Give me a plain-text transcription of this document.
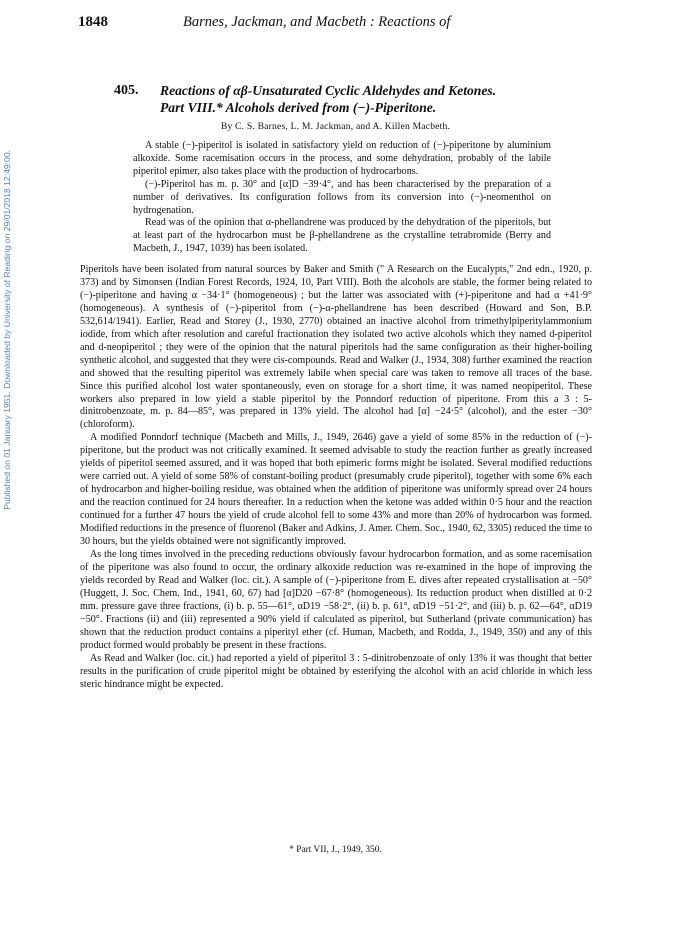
Published on 01 January 1951. Downloaded by University of Reading on 29/01/2018 12:49:00.
1848	Barnes, Jackman, and Macbeth : Reactions of
405. Reactions of αβ-Unsaturated Cyclic Aldehydes and Ketones.
Part VIII.* Alcohols derived from (−)-Piperitone.
By C. S. Barnes, L. M. Jackman, and A. Killen Macbeth.

A stable (−)-piperitol is isolated in satisfactory yield on reduction of (−)-piperitone by aluminium alkoxide. Some racemisation occurs in the process, and some dehydration, probably of the labile piperitol epimer, also takes place with the production of hydrocarbons.

(−)-Piperitol has m. p. 30° and [α]D −39·4°, and has been characterised by the preparation of a number of derivatives. Its configuration follows from its conversion into (−)-neomenthol on hydrogenation.

Read was of the opinion that α-phellandrene was produced by the dehydration of the piperitols, but at least part of the hydrocarbon must be β-phellandrene as the crystalline tetrabromide (Berry and Macbeth, J., 1947, 1039) has been isolated.

Piperitols have been isolated from natural sources by Baker and Smith (" A Research on the Eucalypts," 2nd edn., 1920, p. 373) and by Simonsen (Indian Forest Records, 1924, 10, Part VIII). Both the alcohols are stable, the former being related to (−)-piperitone and having α −34·1° (homogeneous) ; but the latter was associated with (+)-piperitone and had α +41·9° (homogeneous). A synthesis of (−)-piperitol from (−)-α-phellandrene has been described (Howard and Son, B.P. 532,614/1941). Earlier, Read and Storey (J., 1930, 2770) obtained an inactive alcohol from trimethylpiperitylammonium iodide, from which after resolution and careful fractionation they isolated two active alcohols which they named d-piperitol and d-neopiperitol ; they were of the opinion that the natural piperitols had the same configuration as their higher-boiling synthetic alcohol, and suggested that they were cis-compounds. Read and Walker (J., 1934, 308) further examined the reaction and showed that the resulting piperitol was extremely labile when special care was taken to remove all traces of the base. Since this purified alcohol lost water spontaneously, even on storage for a short time, it was named neopiperitol. These workers also prepared in low yield a stable piperitol by the Ponndorf reduction of piperitone. From this a 3 : 5-dinitrobenzoate, m. p. 84—85°, was prepared in 13% yield. The alcohol had [α] −24·5° (alcohol), and the ester −30° (chloroform).

A modified Ponndorf technique (Macbeth and Mills, J., 1949, 2646) gave a yield of some 85% in the reduction of (−)-piperitone, but the product was not critically examined. It seemed advisable to study the reaction further as greatly increased yields of piperitol seemed assured, and it was hoped that both epimeric forms might be isolated. Several modified reductions were carried out. A yield of some 58% of constant-boiling product (presumably crude piperitol), together with some 6% each of hydrocarbon and higher-boiling residue, was obtained when the addition of piperitone was uniformly spread over 24 hours and the reaction continued for 24 hours thereafter. In a reduction when the ketone was added within 0·5 hour and the reaction continued for a further 47 hours the yield of crude alcohol fell to some 43% and more than 20% of hydrocarbon was formed. Modified reductions in the presence of fluorenol (Baker and Adkins, J. Amer. Chem. Soc., 1940, 62, 3305) reduced the time to 30 hours, but the yields obtained were not significantly improved.

As the long times involved in the preceding reductions obviously favour hydrocarbon formation, and as some racemisation of the piperitone was also found to occur, the ordinary alkoxide reduction was re-examined in the hope of improving the yields recorded by Read and Walker (loc. cit.). A sample of (−)-piperitone from E. dives after repeated crystallisation at −50° (Huggett, J. Soc. Chem. Ind., 1941, 60, 67) had [α]D20 −67·8° (homogeneous). Its reduction product when distilled at 0·2 mm. pressure gave three fractions, (i) b. p. 55—61°, αD19 −58·2°, (ii) b. p. 61°, αD19 −51·2°, and (iii) b. p. 62—64°, αD19 −50°. Fractions (ii) and (iii) represented a 90% yield if calculated as piperitol, but Sutherland (private communication) has shown that the reduction product contains a piperityl ether (cf. Human, Macbeth, and Rodda, J., 1949, 350) and any of this product formed would probably be present in these fractions.

As Read and Walker (loc. cit.) had reported a yield of piperitol 3 : 5-dinitrobenzoate of only 13% it was thought that better results in the purification of crude piperitol might be obtained by esterifying the alcohol with an acid chloride in which less steric hindrance might be expected.

* Part VII, J., 1949, 350.
